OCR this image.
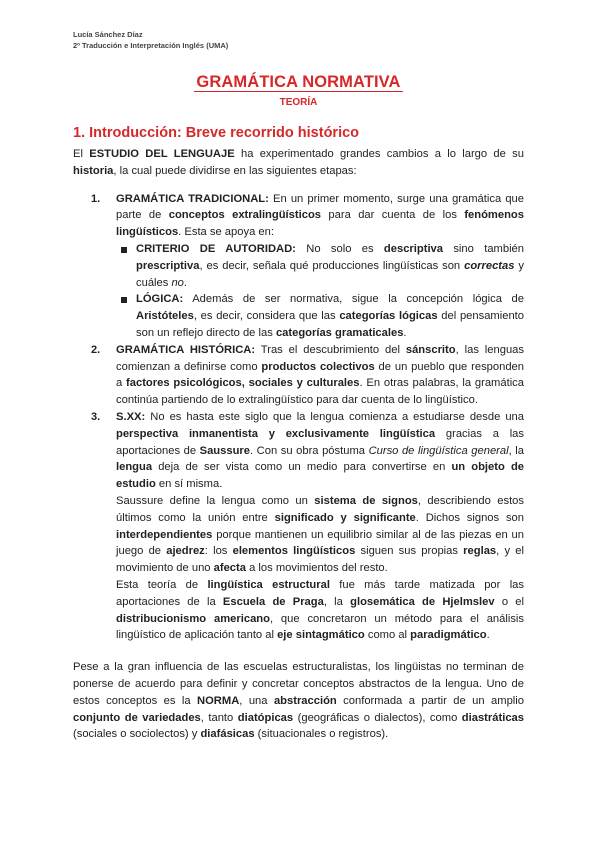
Lucía Sánchez Díaz
2º Traducción e Interpretación Inglés (UMA)
GRAMÁTICA NORMATIVA
TEORÍA
1. Introducción: Breve recorrido histórico

El ESTUDIO DEL LENGUAJE ha experimentado grandes cambios a lo largo de su historia, la cual puede dividirse en las siguientes etapas:

1. GRAMÁTICA TRADICIONAL: En un primer momento, surge una gramática que parte de conceptos extralingüísticos para dar cuenta de los fenómenos lingüísticos. Esta se apoya en:
CRITERIO DE AUTORIDAD: No solo es descriptiva sino también prescriptiva, es decir, señala qué producciones lingüísticas son correctas y cuáles no.
LÓGICA: Además de ser normativa, sigue la concepción lógica de Aristóteles, es decir, considera que las categorías lógicas del pensamiento son un reflejo directo de las categorías gramaticales.
2. GRAMÁTICA HISTÓRICA: Tras el descubrimiento del sánscrito, las lenguas comienzan a definirse como productos colectivos de un pueblo que responden a factores psicológicos, sociales y culturales. En otras palabras, la gramática continúa partiendo de lo extralingüístico para dar cuenta de lo lingüístico.
3. S.XX: No es hasta este siglo que la lengua comienza a estudiarse desde una perspectiva inmanentista y exclusivamente lingüística gracias a las aportaciones de Saussure. Con su obra póstuma Curso de lingüística general, la lengua deja de ser vista como un medio para convertirse en un objeto de estudio en sí misma.
Saussure define la lengua como un sistema de signos, describiendo estos últimos como la unión entre significado y significante. Dichos signos son interdependientes porque mantienen un equilibrio similar al de las piezas en un juego de ajedrez: los elementos lingüísticos siguen sus propias reglas, y el movimiento de uno afecta a los movimientos del resto.
Esta teoría de lingüística estructural fue más tarde matizada por las aportaciones de la Escuela de Praga, la glosemática de Hjelmslev o el distribucionismo americano, que concretaron un método para el análisis lingüístico de aplicación tanto al eje sintagmático como al paradigmático.

Pese a la gran influencia de las escuelas estructuralistas, los lingüistas no terminan de ponerse de acuerdo para definir y concretar conceptos abstractos de la lengua. Uno de estos conceptos es la NORMA, una abstracción conformada a partir de un amplio conjunto de variedades, tanto diatópicas (geográficas o dialectos), como diastráticas (sociales o sociolectos) y diafásicas (situacionales o registros).
